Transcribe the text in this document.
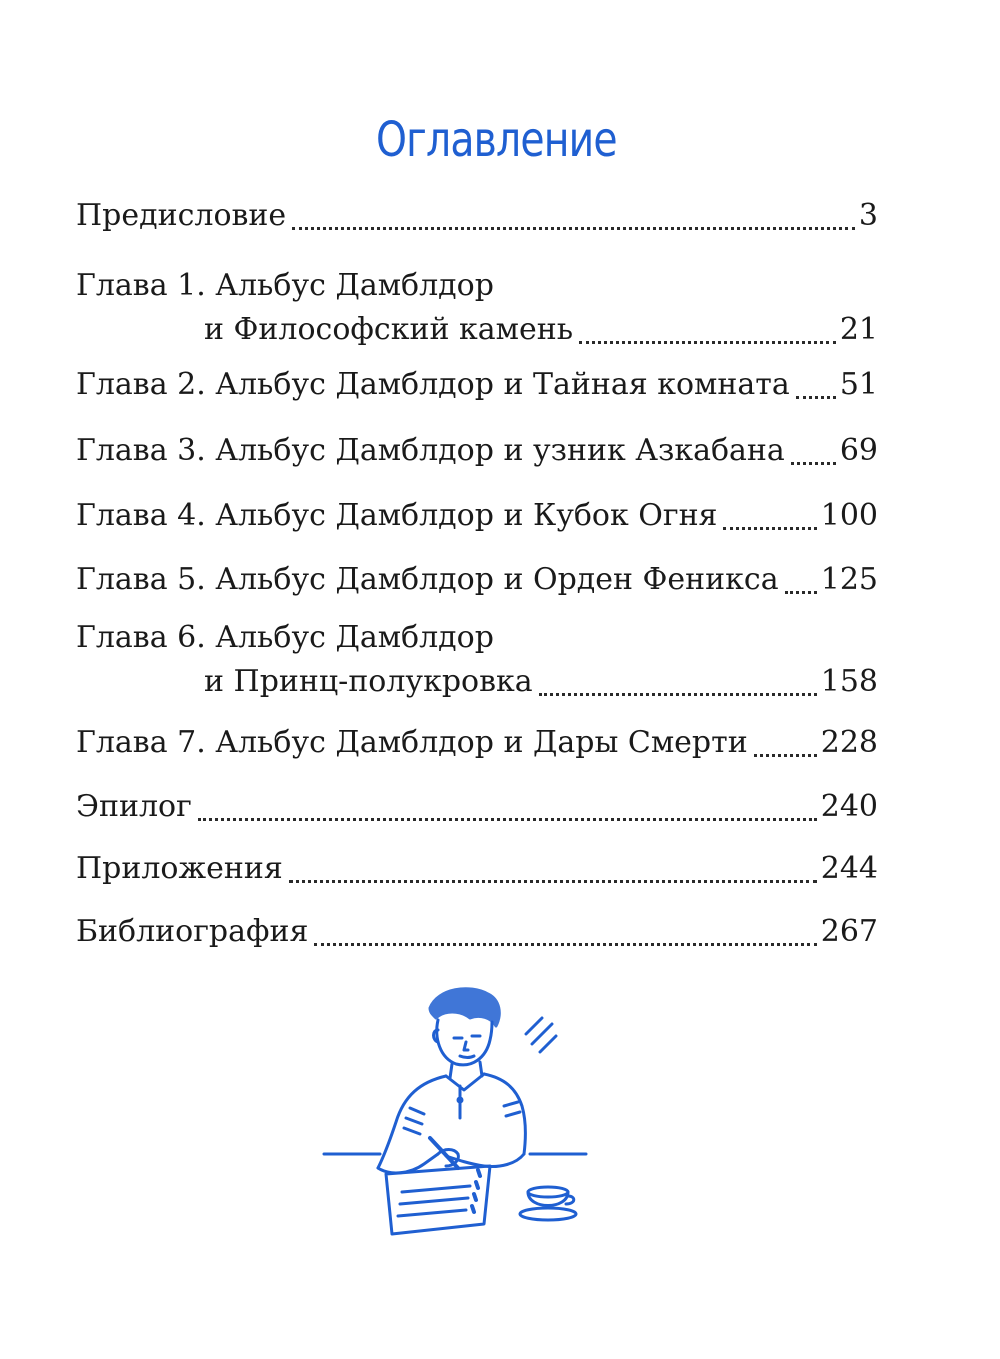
Оглавление
Предисловие	3
Глава 1. Альбус Дамблдор
и Философский камень	21
Глава 2. Альбус Дамблдор и Тайная комната 51
Глава 3. Альбус Дамблдор и узник Азкабана 69
Глава 4. Альбус Дамблдор и Кубок Огня	100
Глава 5. Альбус Дамблдор и Орден Феникса 125
Глава 6. Альбус Дамблдор
и Принц-полукровка	158
Глава 7. Альбус Дамблдор и Дары Смерти 228
Эпилог	240
Приложения	244
Библиография	267
